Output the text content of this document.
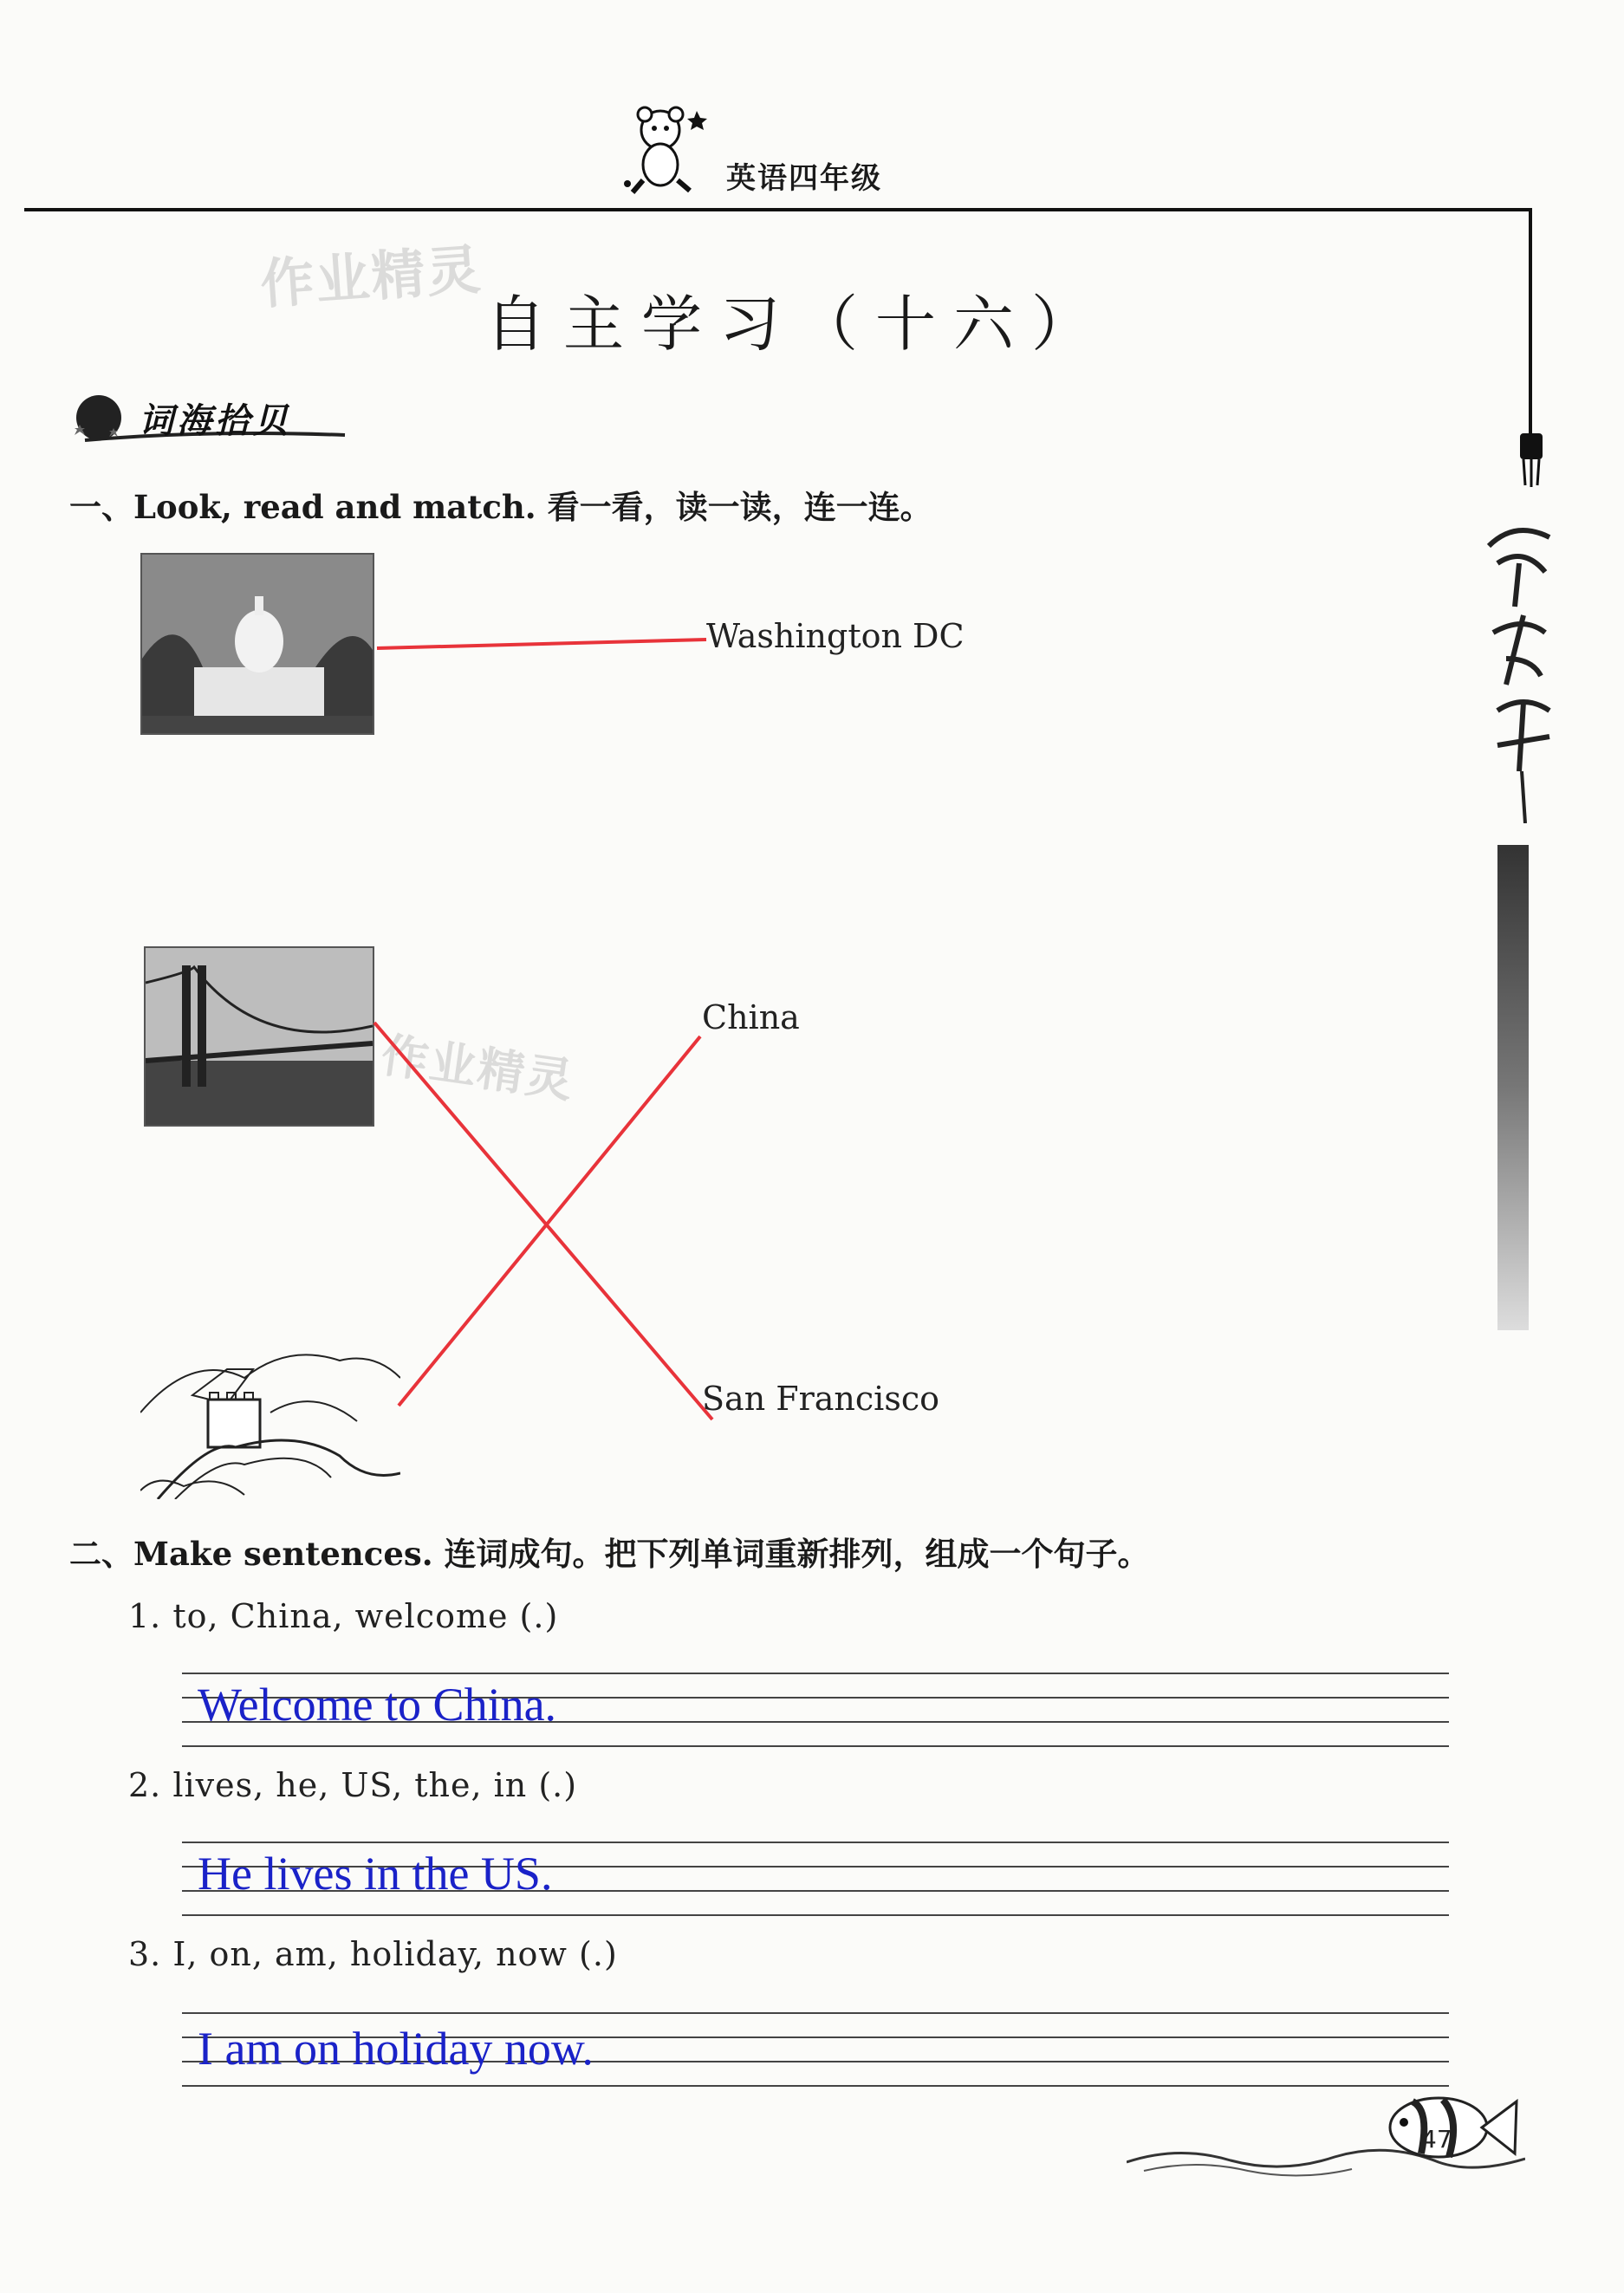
作业精灵
英语四年级
自主学习（十六）
词海拾贝
一、Look, read and match. 看一看，读一读，连一连。
Washington DC
China
San Francisco
作业精灵
二、Make sentences. 连词成句。把下列单词重新排列，组成一个句子。
1. to, China, welcome (.)
Welcome to China.
2. lives, he, US, the, in (.)
He lives in the US.
3. I, on, am, holiday, now (.)
I am on holiday now.
47
